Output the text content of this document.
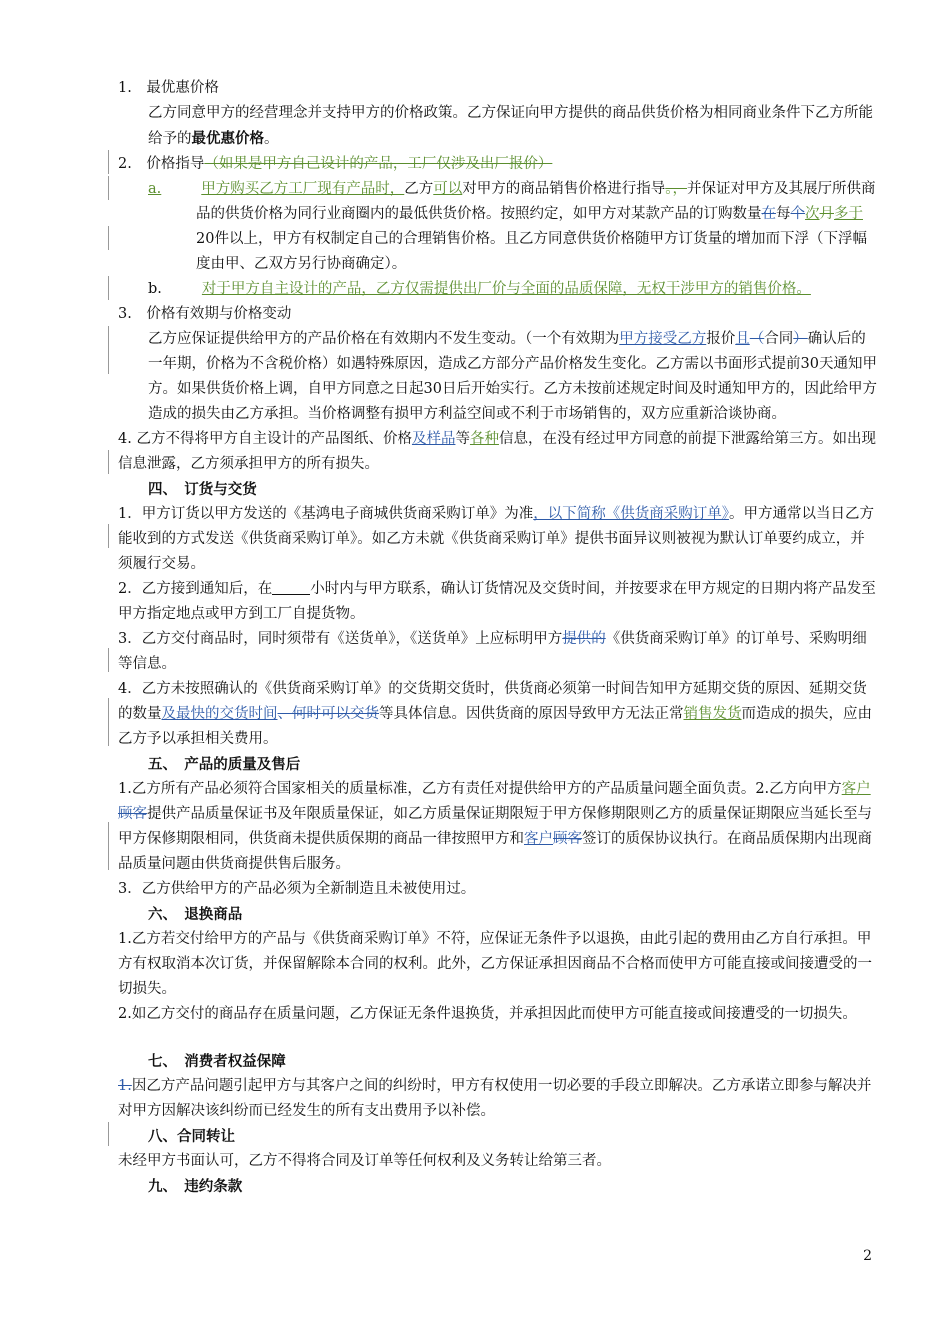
1.　最优惠价格

乙方同意甲方的经营理念并支持甲方的价格政策。乙方保证向甲方提供的商品供货价格为相同商业条件下乙方所能给予的最优惠价格。

2.　价格指导（如果是甲方自己设计的产品，工厂仅涉及出厂报价）

a.	甲方购买乙方工厂现有产品时，乙方可以对甲方的商品销售价格进行指导。，并保证对甲方及其展厅所供商品的供货价格为同行业商圈内的最低供货价格。按照约定，如甲方对某款产品的订购数量在每个次月多于20件以上，甲方有权制定自己的合理销售价格。且乙方同意供货价格随甲方订货量的增加而下浮（下浮幅度由甲、乙双方另行协商确定）。

b.	对于甲方自主设计的产品，乙方仅需提供出厂价与全面的品质保障，无权干涉甲方的销售价格。

3.　价格有效期与价格变动

乙方应保证提供给甲方的产品价格在有效期内不发生变动。（一个有效期为甲方接受乙方报价且（合同）确认后的一年期，价格为不含税价格）如遇特殊原因，造成乙方部分产品价格发生变化。乙方需以书面形式提前30天通知甲方。如果供货价格上调，自甲方同意之日起30日后开始实行。乙方未按前述规定时间及时通知甲方的，因此给甲方造成的损失由乙方承担。当价格调整有损甲方利益空间或不利于市场销售的，双方应重新洽谈协商。

4. 乙方不得将甲方自主设计的产品图纸、价格及样品等各种信息，在没有经过甲方同意的前提下泄露给第三方。如出现信息泄露，乙方须承担甲方的所有损失。

四、　订货与交货

1．甲方订货以甲方发送的《基鸿电子商城供货商采购订单》为准，以下简称《供货商采购订单》。甲方通常以当日乙方能收到的方式发送《供货商采购订单》。如乙方未就《供货商采购订单》提供书面异议则被视为默认订单要约成立，并须履行交易。

2．乙方接到通知后，在	小时内与甲方联系，确认订货情况及交货时间，并按要求在甲方规定的日期内将产品发至甲方指定地点或甲方到工厂自提货物。

3．乙方交付商品时，同时须带有《送货单》，《送货单》上应标明甲方提供的《供货商采购订单》的订单号、采购明细等信息。

4．乙方未按照确认的《供货商采购订单》的交货期交货时，供货商必须第一时间告知甲方延期交货的原因、延期交货的数量及最快的交货时间、何时可以交货等具体信息。因供货商的原因导致甲方无法正常销售发货而造成的损失，应由乙方予以承担相关费用。

五、　产品的质量及售后

1.乙方所有产品必须符合国家相关的质量标准，乙方有责任对提供给甲方的产品质量问题全面负责。2.乙方向甲方客户顾客提供产品质量保证书及年限质量保证，如乙方质量保证期限短于甲方保修期限则乙方的质量保证期限应当延长至与甲方保修期限相同，供货商未提供质保期的商品一律按照甲方和客户顾客签订的质保协议执行。在商品质保期内出现商品质量问题由供货商提供售后服务。

3．乙方供给甲方的产品必须为全新制造且未被使用过。

六、　退换商品

1.乙方若交付给甲方的产品与《供货商采购订单》不符，应保证无条件予以退换，由此引起的费用由乙方自行承担。甲方有权取消本次订货，并保留解除本合同的权利。此外，乙方保证承担因商品不合格而使甲方可能直接或间接遭受的一切损失。

2.如乙方交付的商品存在质量问题，乙方保证无条件退换货，并承担因此而使甲方可能直接或间接遭受的一切损失。

七、　消费者权益保障

1.因乙方产品问题引起甲方与其客户之间的纠纷时，甲方有权使用一切必要的手段立即解决。乙方承诺立即参与解决并对甲方因解决该纠纷而已经发生的所有支出费用予以补偿。

八、合同转让

未经甲方书面认可，乙方不得将合同及订单等任何权利及义务转让给第三者。

九、　违约条款

2
